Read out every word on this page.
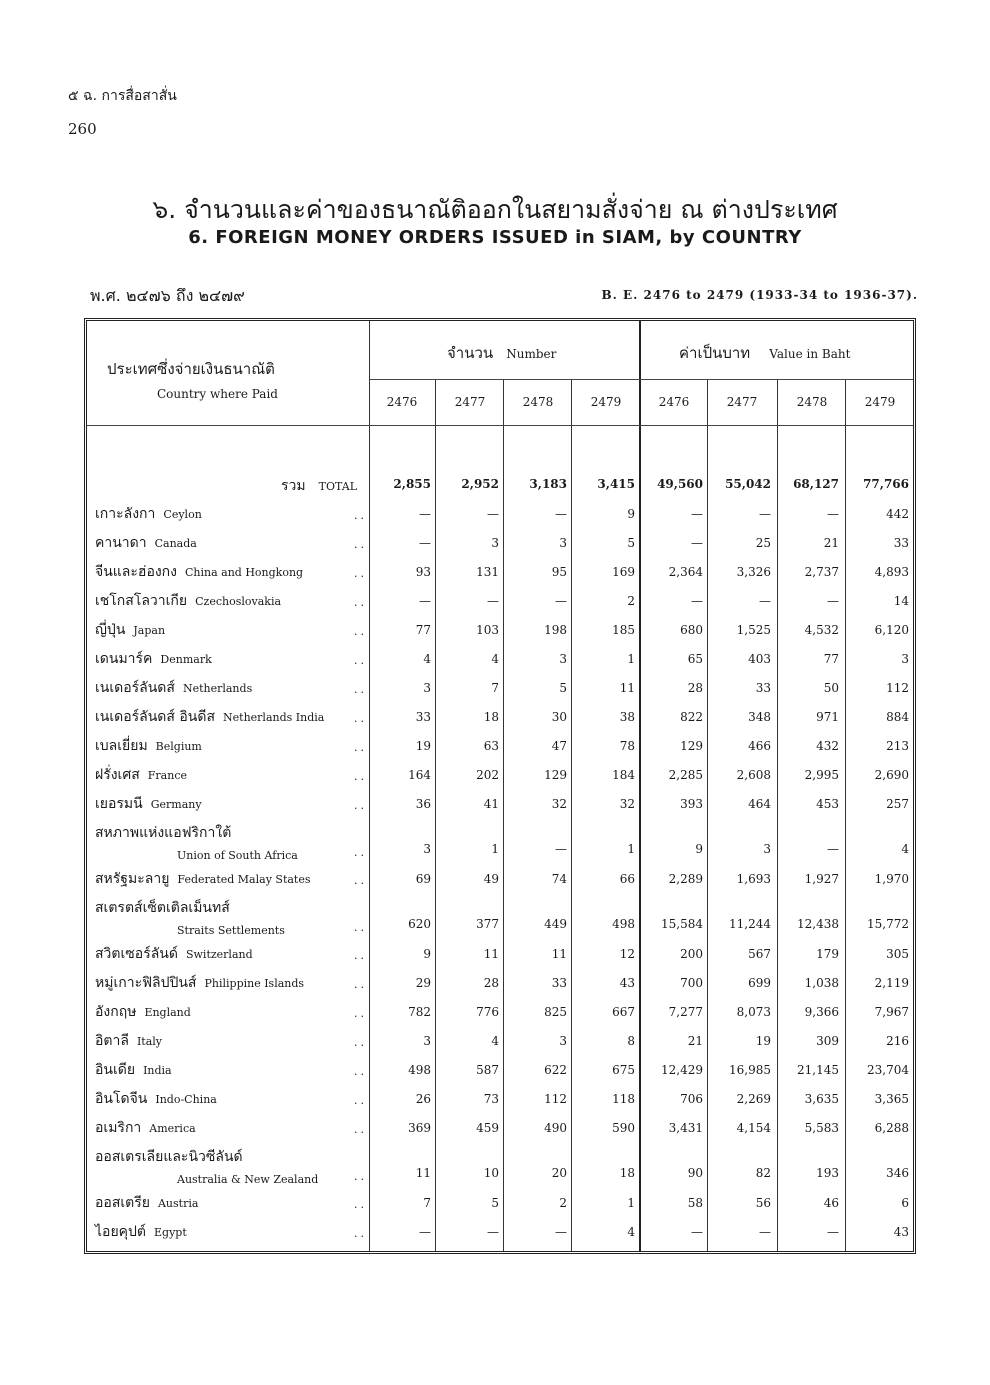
๕ ฉ. การสื่อสาสั่น
260
๖. จำนวนและค่าของธนาณัติออกในสยามสั่งจ่าย ณ ต่างประเทศ
6. FOREIGN MONEY ORDERS ISSUED in SIAM, by COUNTRY
พ.ศ. ๒๔๗๖ ถึง ๒๔๗๙	B. E. 2476 to 2479 (1933-34 to 1936-37).
ประเทศซึ่งจ่ายเงินธนาณัติ
Country where Paid
จำนวน Number	ค่าเป็นบาท Value in Baht
2476	2477	2478	2479	2476	2477	2478	2479
รวม TOTAL	2,855	2,952	3,183	3,415	49,560	55,042	68,127	77,766
เกาะลังกา Ceylon	..	—	—	—	9	—	—	—	442
คานาดา Canada	..	—	3	3	5	—	25	21	33
จีนและฮ่องกง China and Hongkong	..	93	131	95	169	2,364	3,326	2,737	4,893
เชโกสโลวาเกีย Czechoslovakia	..	—	—	—	2	—	—	—	14
ญี่ปุ่น Japan	..	77	103	198	185	680	1,525	4,532	6,120
เดนมาร์ค Denmark	..	4	4	3	1	65	403	77	3
เนเดอร์ลันดส์ Netherlands	..	3	7	5	11	28	33	50	112
เนเดอร์ลันดส์ อินดีส Netherlands India	..	33	18	30	38	822	348	971	884
เบลเยี่ยม Belgium	..	19	63	47	78	129	466	432	213
ฝรั่งเศส France	..	164	202	129	184	2,285	2,608	2,995	2,690
เยอรมนี Germany	..	36	41	32	32	393	464	453	257
สหภาพแห่งแอฟริกาใต้
Union of South Africa	..	3	1	—	1	9	3	—	4
สหรัฐมะลายู Federated Malay States	..	69	49	74	66	2,289	1,693	1,927	1,970
สเตรตส์เซ็ตเติลเม็นทส์
Straits Settlements	..	620	377	449	498	15,584	11,244	12,438	15,772
สวิตเซอร์ลันด์ Switzerland	..	9	11	11	12	200	567	179	305
หมู่เกาะฟิลิปปินส์ Philippine Islands	..	29	28	33	43	700	699	1,038	2,119
อังกฤษ England	..	782	776	825	667	7,277	8,073	9,366	7,967
อิตาลี Italy	..	3	4	3	8	21	19	309	216
อินเดีย India	..	498	587	622	675	12,429	16,985	21,145	23,704
อินโดจีน Indo-China	..	26	73	112	118	706	2,269	3,635	3,365
อเมริกา America	..	369	459	490	590	3,431	4,154	5,583	6,288
ออสเตรเลียและนิวซีลันด์
Australia & New Zealand	..	11	10	20	18	90	82	193	346
ออสเตรีย Austria	..	7	5	2	1	58	56	46	6
ไอยคุปต์ Egypt	..	—	—	—	4	—	—	—	43
